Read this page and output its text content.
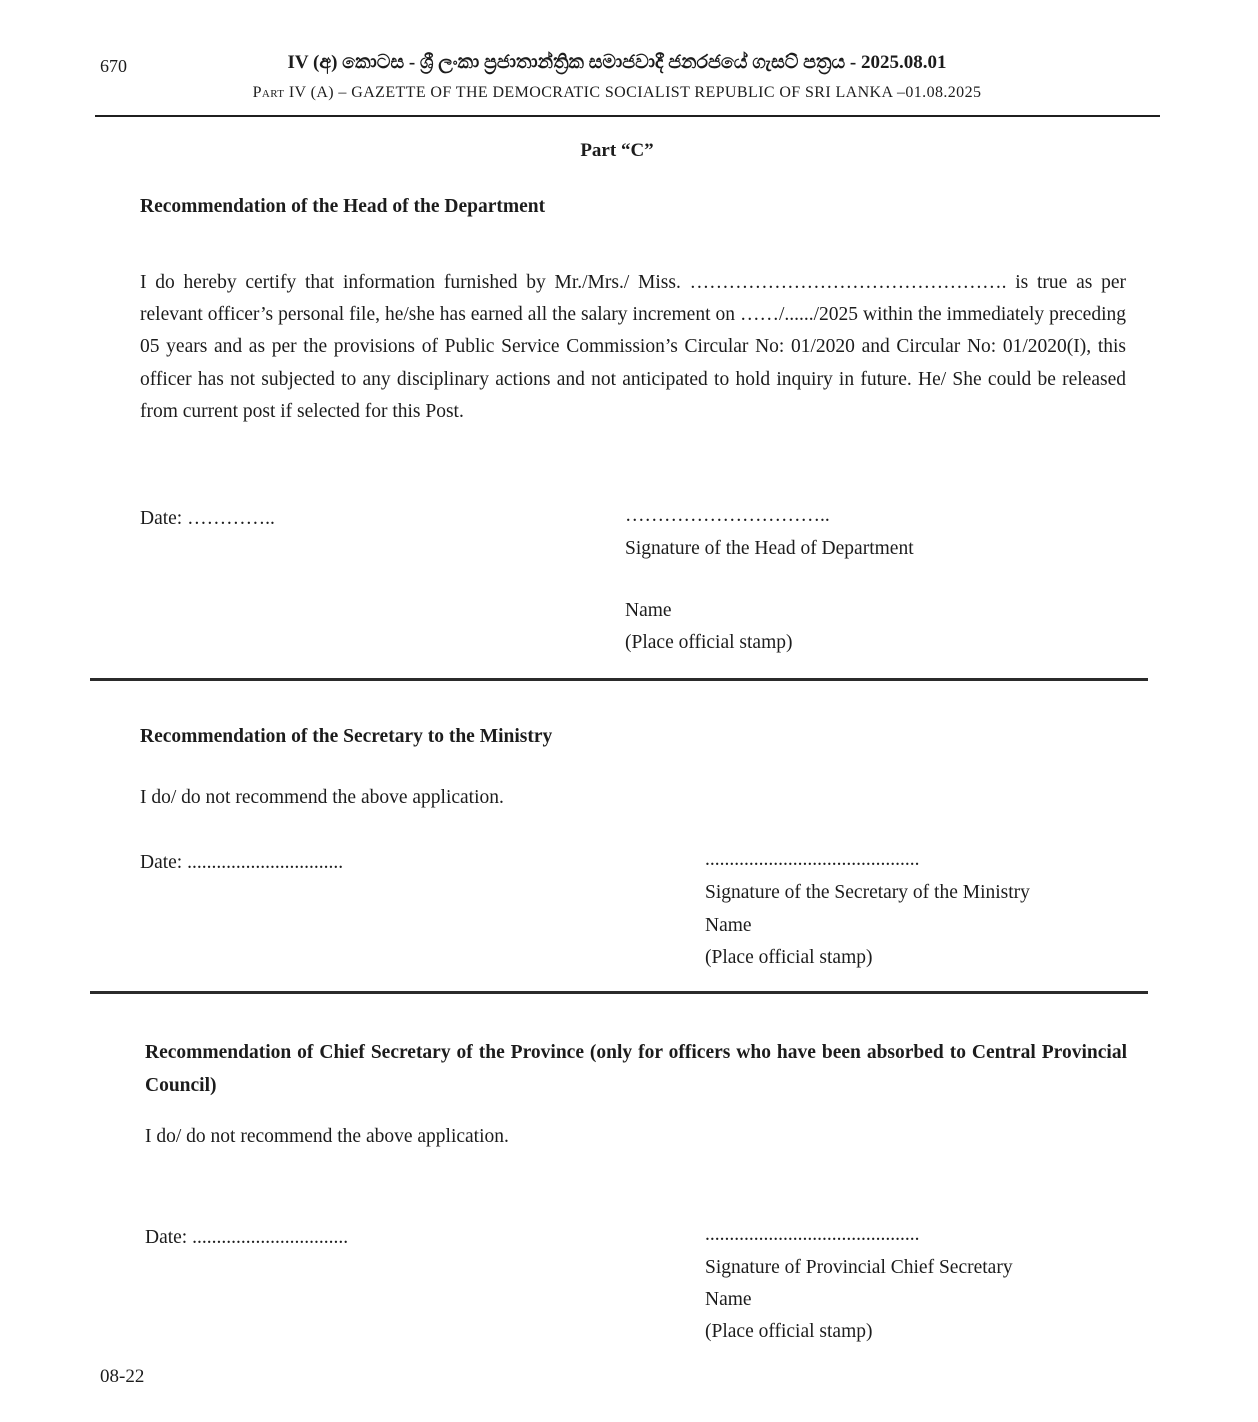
670	IV (අ) කොටස - ශ්‍රී ලංකා ප්‍රජාතාන්ත්‍රික සමාජවාදී ජනරජයේ ගැසට් පත්‍රය - 2025.08.01
Part IV (A) – GAZETTE OF THE DEMOCRATIC SOCIALIST REPUBLIC OF SRI LANKA –01.08.2025
Part “C”
Recommendation of the Head of the Department

I do hereby certify that information furnished by Mr./Mrs./ Miss. …………………………………………. is true as per relevant officer’s personal file, he/she has earned all the salary increment on ……/....../2025 within the immediately preceding 05 years and as per the provisions of Public Service Commission’s Circular No: 01/2020 and Circular No: 01/2020(I), this officer has not subjected to any disciplinary actions and not anticipated to hold inquiry in future. He/ She could be released from current post if selected for this Post.

Date: …………..	…………………………..
Signature of the Head of Department
Name
(Place official stamp)
Recommendation of the Secretary to the Ministry
I do/ do not recommend the above application.
Date: ................................	............................................
Signature of the Secretary of the Ministry
Name
(Place official stamp)
Recommendation of Chief Secretary of the Province (only for officers who have been absorbed to Central Provincial Council)
I do/ do not recommend the above application.
Date: ................................	............................................
Signature of Provincial Chief Secretary
Name
(Place official stamp)
08-22
